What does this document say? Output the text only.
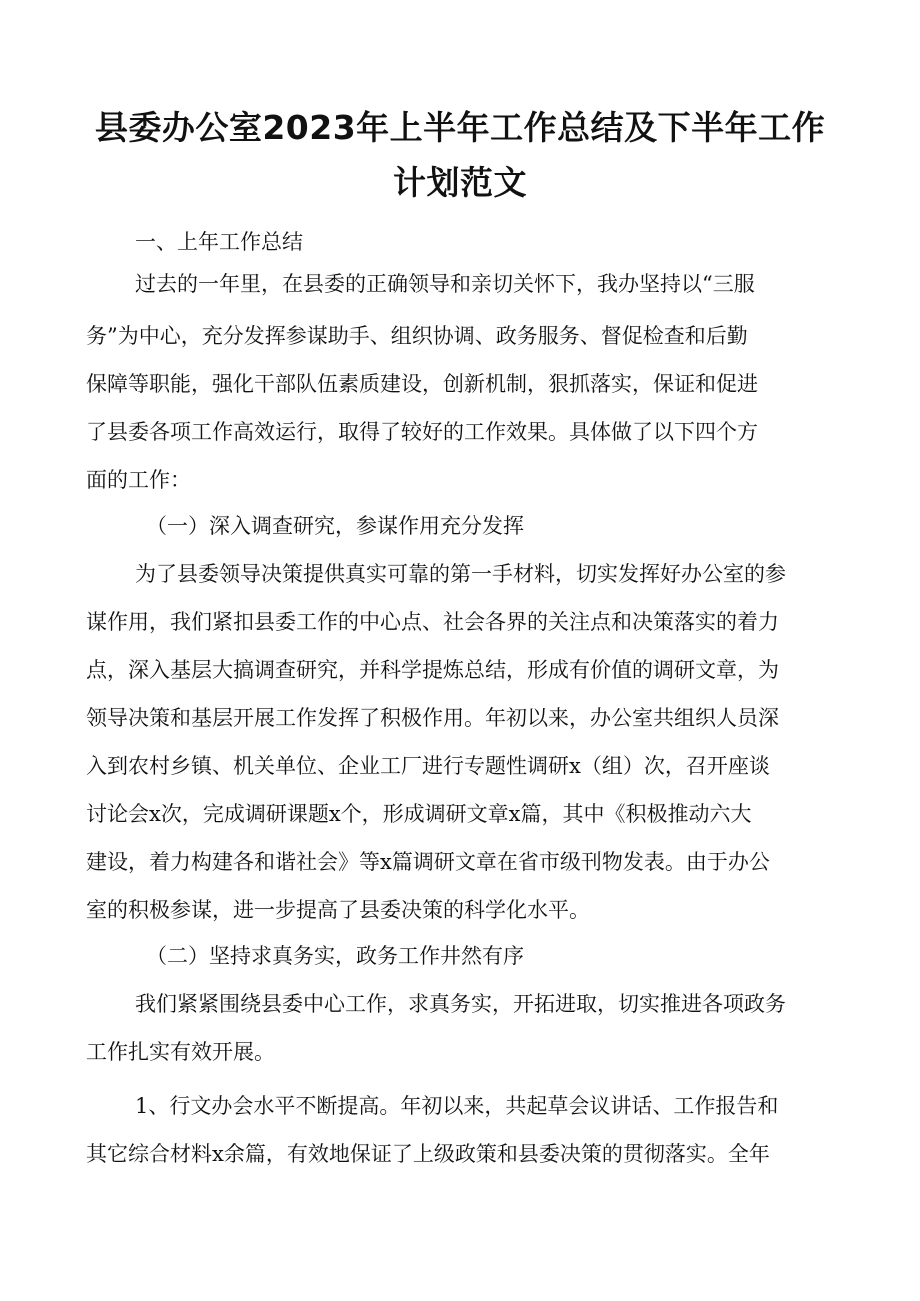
县委办公室2023年上半年工作总结及下半年工作计划范文

一、上年工作总结

过去的一年里，在县委的正确领导和亲切关怀下，我办坚持以“三服

务”为中心，充分发挥参谋助手、组织协调、政务服务、督促检查和后勤

保障等职能，强化干部队伍素质建设，创新机制，狠抓落实，保证和促进

了县委各项工作高效运行，取得了较好的工作效果。具体做了以下四个方

面的工作：

（一）深入调查研究，参谋作用充分发挥

为了县委领导决策提供真实可靠的第一手材料，切实发挥好办公室的参

谋作用，我们紧扣县委工作的中心点、社会各界的关注点和决策落实的着力

点，深入基层大搞调查研究，并科学提炼总结，形成有价值的调研文章，为

领导决策和基层开展工作发挥了积极作用。年初以来，办公室共组织人员深

入到农村乡镇、机关单位、企业工厂进行专题性调研x（组）次，召开座谈

讨论会x次，完成调研课题x个，形成调研文章x篇，其中《积极推动六大

建设，着力构建各和谐社会》等x篇调研文章在省市级刊物发表。由于办公

室的积极参谋，进一步提高了县委决策的科学化水平。

（二）坚持求真务实，政务工作井然有序

我们紧紧围绕县委中心工作，求真务实，开拓进取，切实推进各项政务

工作扎实有效开展。

1、行文办会水平不断提高。年初以来，共起草会议讲话、工作报告和

其它综合材料x余篇，有效地保证了上级政策和县委决策的贯彻落实。全年
